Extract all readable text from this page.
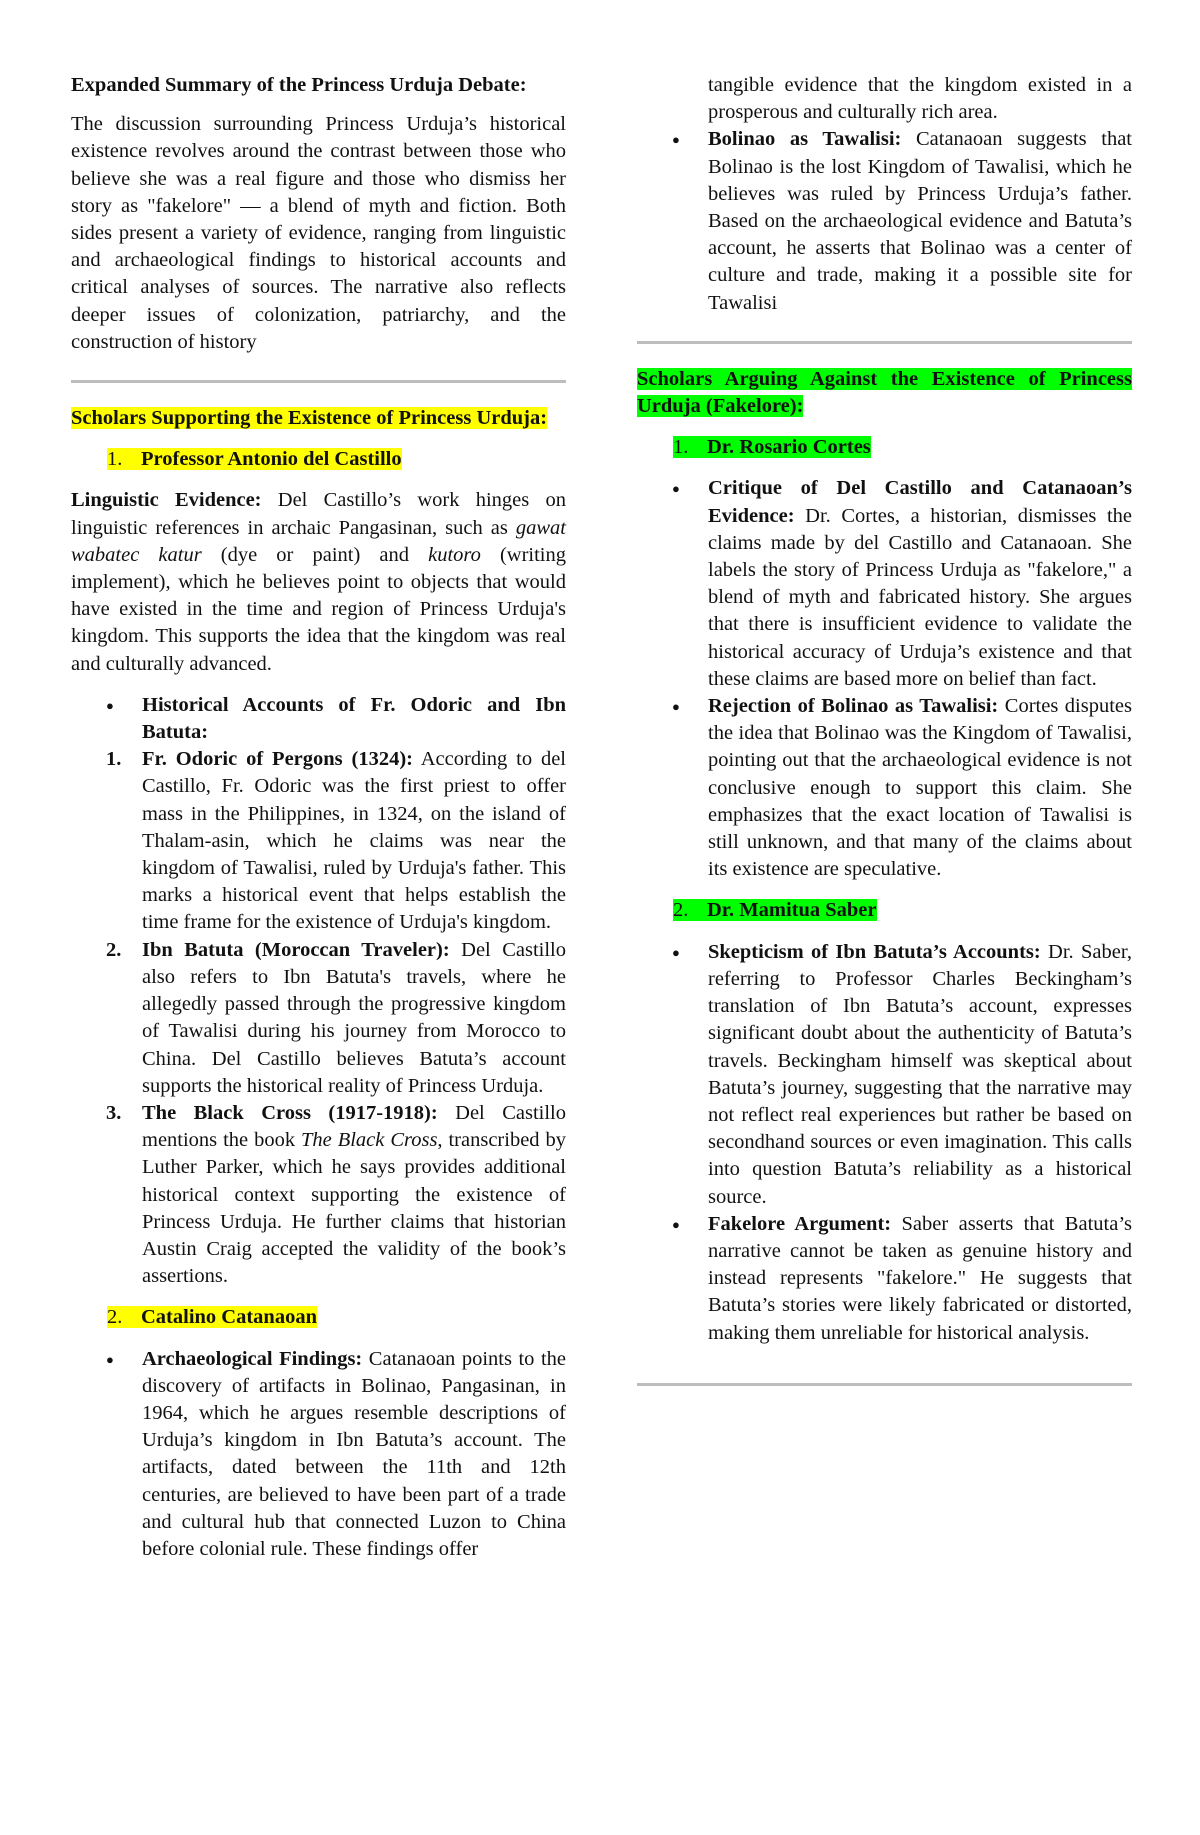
Expanded Summary of the Princess Urduja Debate:

The discussion surrounding Princess Urduja’s historical existence revolves around the contrast between those who believe she was a real figure and those who dismiss her story as "fakelore" — a blend of myth and fiction. Both sides present a variety of evidence, ranging from linguistic and archaeological findings to historical accounts and critical analyses of sources. The narrative also reflects deeper issues of colonization, patriarchy, and the construction of history

Scholars Supporting the Existence of Princess Urduja:

1. Professor Antonio del Castillo

Linguistic Evidence: Del Castillo’s work hinges on linguistic references in archaic Pangasinan, such as gawat wabatec katur (dye or paint) and kutoro (writing implement), which he believes point to objects that would have existed in the time and region of Princess Urduja's kingdom. This supports the idea that the kingdom was real and culturally advanced.

● Historical Accounts of Fr. Odoric and Ibn Batuta:
1. Fr. Odoric of Pergons (1324): According to del Castillo, Fr. Odoric was the first priest to offer mass in the Philippines, in 1324, on the island of Thalam-asin, which he claims was near the kingdom of Tawalisi, ruled by Urduja's father. This marks a historical event that helps establish the time frame for the existence of Urduja's kingdom.
2. Ibn Batuta (Moroccan Traveler): Del Castillo also refers to Ibn Batuta's travels, where he allegedly passed through the progressive kingdom of Tawalisi during his journey from Morocco to China. Del Castillo believes Batuta’s account supports the historical reality of Princess Urduja.
3. The Black Cross (1917-1918): Del Castillo mentions the book The Black Cross, transcribed by Luther Parker, which he says provides additional historical context supporting the existence of Princess Urduja. He further claims that historian Austin Craig accepted the validity of the book’s assertions.
2. Catalino Catanaoan
● Archaeological Findings: Catanaoan points to the discovery of artifacts in Bolinao, Pangasinan, in 1964, which he argues resemble descriptions of Urduja’s kingdom in Ibn Batuta’s account. The artifacts, dated between the 11th and 12th centuries, are believed to have been part of a trade and cultural hub that connected Luzon to China before colonial rule. These findings offer

tangible evidence that the kingdom existed in a prosperous and culturally rich area.

● Bolinao as Tawalisi: Catanaoan suggests that Bolinao is the lost Kingdom of Tawalisi, which he believes was ruled by Princess Urduja’s father. Based on the archaeological evidence and Batuta’s account, he asserts that Bolinao was a center of culture and trade, making it a possible site for Tawalisi

Scholars Arguing Against the Existence of Princess Urduja (Fakelore):

1. Dr. Rosario Cortes
● Critique of Del Castillo and Catanaoan’s Evidence: Dr. Cortes, a historian, dismisses the claims made by del Castillo and Catanaoan. She labels the story of Princess Urduja as "fakelore," a blend of myth and fabricated history. She argues that there is insufficient evidence to validate the historical accuracy of Urduja’s existence and that these claims are based more on belief than fact.
● Rejection of Bolinao as Tawalisi: Cortes disputes the idea that Bolinao was the Kingdom of Tawalisi, pointing out that the archaeological evidence is not conclusive enough to support this claim. She emphasizes that the exact location of Tawalisi is still unknown, and that many of the claims about its existence are speculative.
2. Dr. Mamitua Saber
● Skepticism of Ibn Batuta’s Accounts: Dr. Saber, referring to Professor Charles Beckingham’s translation of Ibn Batuta’s account, expresses significant doubt about the authenticity of Batuta’s travels. Beckingham himself was skeptical about Batuta’s journey, suggesting that the narrative may not reflect real experiences but rather be based on secondhand sources or even imagination. This calls into question Batuta’s reliability as a historical source.
● Fakelore Argument: Saber asserts that Batuta’s narrative cannot be taken as genuine history and instead represents "fakelore." He suggests that Batuta’s stories were likely fabricated or distorted, making them unreliable for historical analysis.
